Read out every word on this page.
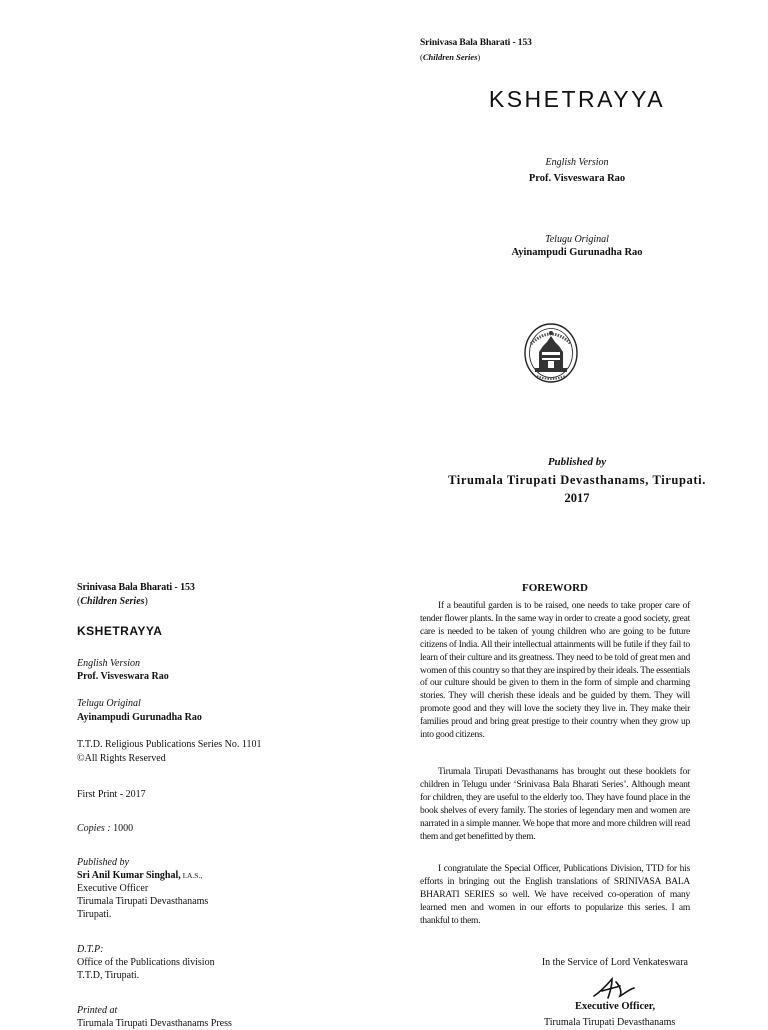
Srinivasa Bala Bharati - 153
(Children Series)
KSHETRAYYA
English Version
Prof. Visveswara Rao
Telugu Original
Ayinampudi Gurunadha Rao
Published by
Tirumala Tirupati Devasthanams, Tirupati.
2017
Srinivasa Bala Bharati - 153
(Children Series)
KSHETRAYYA
English Version
Prof. Visveswara Rao
Telugu Original
Ayinampudi Gurunadha Rao
T.T.D. Religious Publications Series No. 1101
©All Rights Reserved
First Print - 2017
Copies : 1000
Published by
Sri Anil Kumar Singhal, I.A.S.,
Executive Officer
Tirumala Tirupati Devasthanams
Tirupati.
D.T.P:
Office of the Publications division
T.T.D, Tirupati.
Printed at
Tirumala Tirupati Devasthanams Press
FOREWORD
If a beautiful garden is to be raised, one needs to take proper care of tender flower plants. In the same way in order to create a good society, great care is needed to be taken of young children who are going to be future citizens of India. All their intellectual attainments will be futile if they fail to learn of their culture and its greatness. They need to be told of great men and women of this country so that they are inspired by their ideals. The essentials of our culture should be given to them in the form of simple and charming stories. They will cherish these ideals and be guided by them. They will promote good and they will love the society they live in. They make their families proud and bring great prestige to their country when they grow up into good citizens.
Tirumala Tirupati Devasthanams has brought out these booklets for children in Telugu under ‘Srinivasa Bala Bharati Series’. Although meant for children, they are useful to the elderly too. They have found place in the book shelves of every family. The stories of legendary men and women are narrated in a simple manner. We hope that more and more children will read them and get benefitted by them.
I congratulate the Special Officer, Publications Division, TTD for his efforts in bringing out the English translations of SRINIVASA BALA BHARATI SERIES so well. We have received co-operation of many learned men and women in our efforts to popularize this series. I am thankful to them.
In the Service of Lord Venkateswara
Executive Officer,
Tirumala Tirupati Devasthanams
